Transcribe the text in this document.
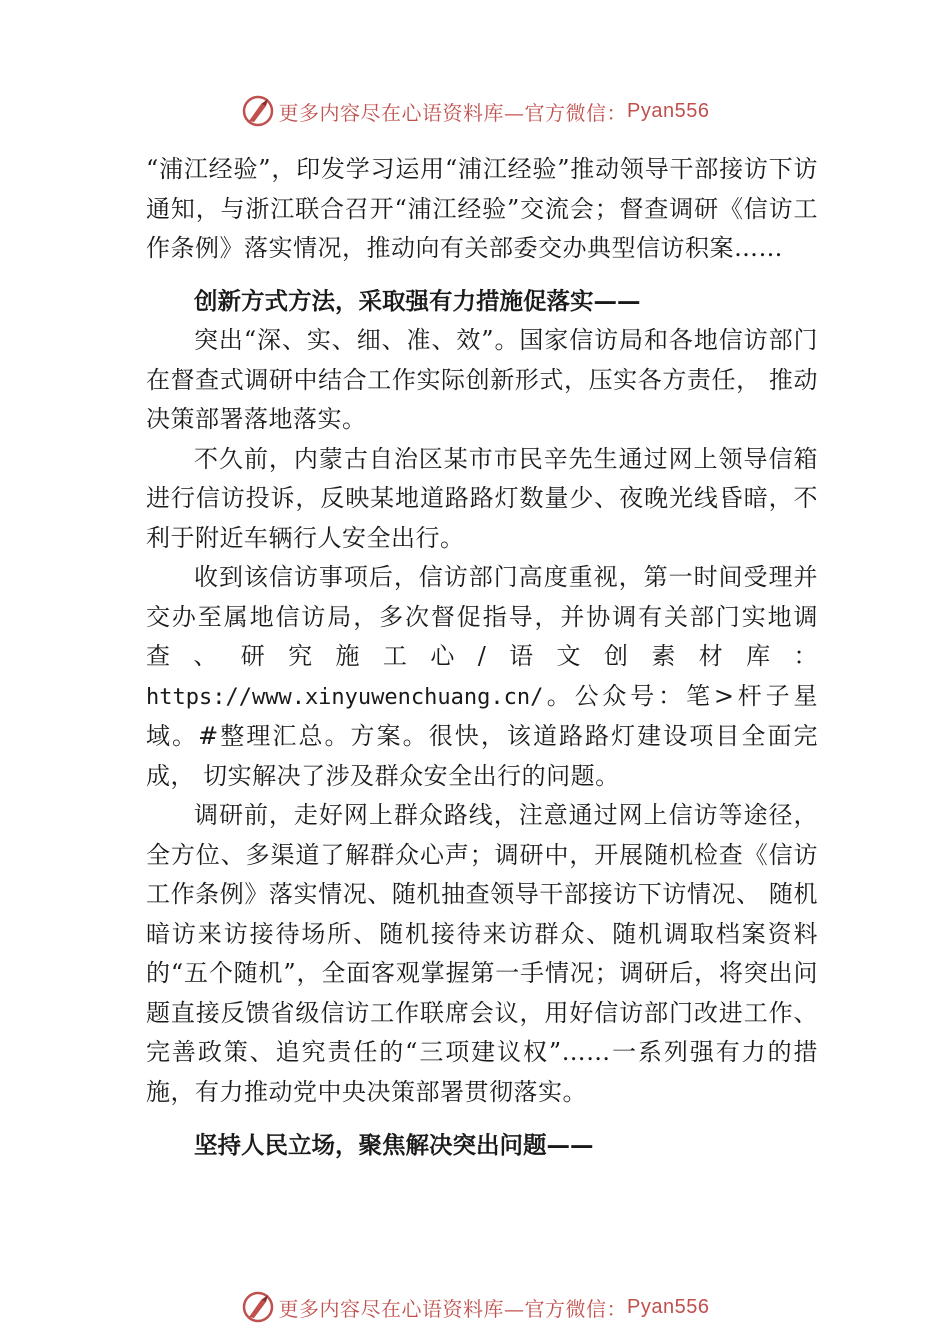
更多内容尽在心语资料库—官方微信： Pyan556

“浦江经验”，印发学习运用“浦江经验”推动领导干部接访下访通知，与浙江联合召开“浦江经验”交流会；督查调研《信访工作条例》落实情况，推动向有关部委交办典型信访积案……

创新方式方法，采取强有力措施促落实——

突出“深、实、细、准、效”。国家信访局和各地信访部门在督查式调研中结合工作实际创新形式，压实各方责任， 推动决策部署落地落实。

不久前，内蒙古自治区某市市民辛先生通过网上领导信箱进行信访投诉，反映某地道路路灯数量少、夜晚光线昏暗，不利于附近车辆行人安全出行。

收到该信访事项后，信访部门高度重视，第一时间受理并交办至属地信访局，多次督促指导，并协调有关部门实地调查、研究施工心/语文创素材库：https://www.xinyuwenchuang.cn/。公众号：笔>杆子星域。#整理汇总。方案。很快，该道路路灯建设项目全面完成， 切实解决了涉及群众安全出行的问题。

调研前，走好网上群众路线，注意通过网上信访等途径，全方位、多渠道了解群众心声；调研中，开展随机检查《信访工作条例》落实情况、随机抽查领导干部接访下访情况、 随机暗访来访接待场所、随机接待来访群众、随机调取档案资料的“五个随机”，全面客观掌握第一手情况；调研后，将突出问题直接反馈省级信访工作联席会议，用好信访部门改进工作、完善政策、追究责任的“三项建议权”……一系列强有力的措施，有力推动党中央决策部署贯彻落实。

坚持人民立场，聚焦解决突出问题——

更多内容尽在心语资料库—官方微信： Pyan556
